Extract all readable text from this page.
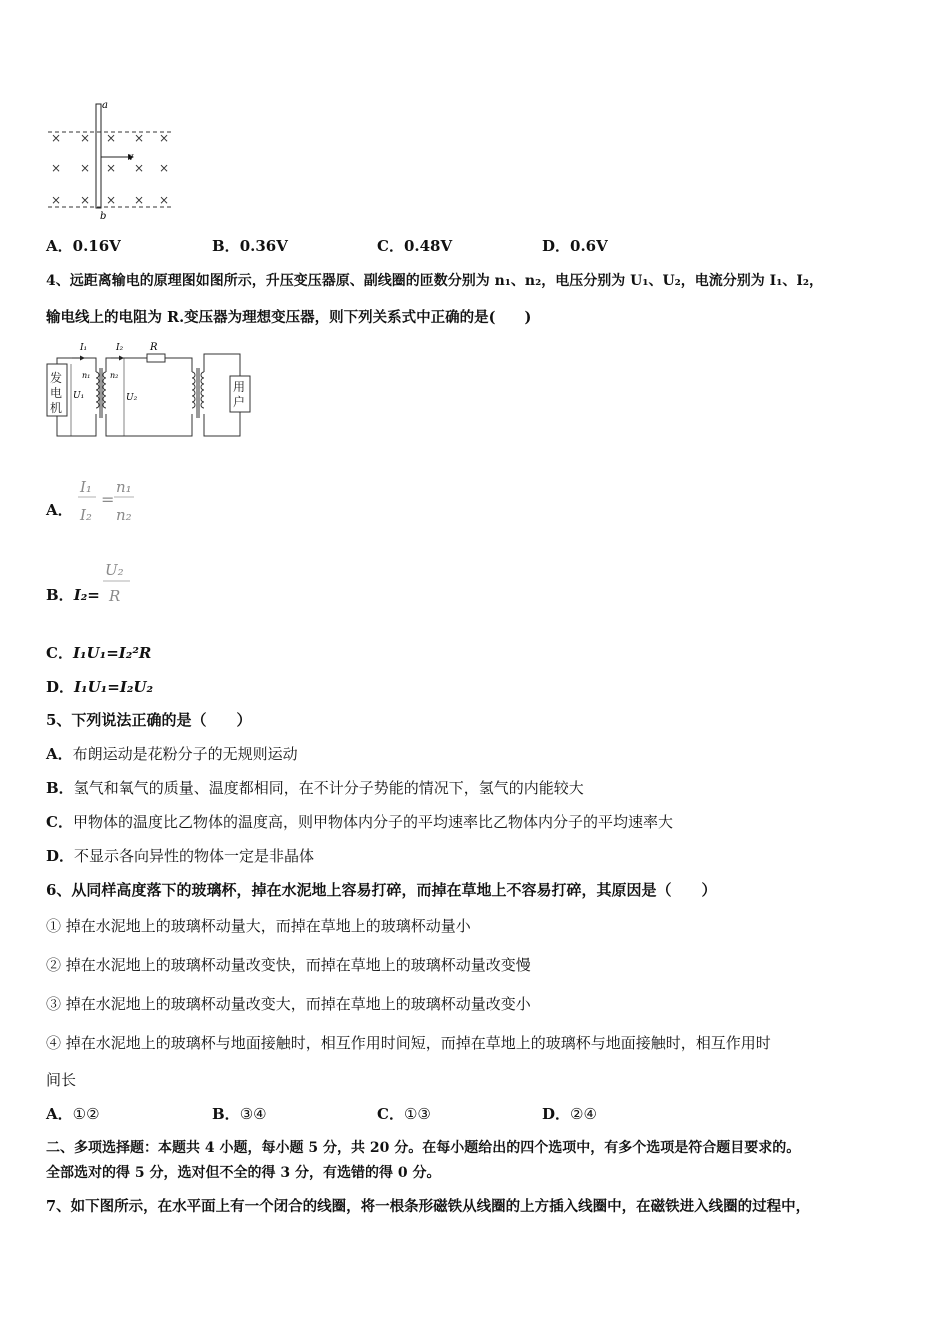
a
b
v
× × × × ×
× × × × ×
× × × × ×
A．0.16V	B．0.36V	C．0.48V	D．0.6V
4、远距离输电的原理图如图所示，升压变压器原、副线圈的匝数分别为 n₁、n₂，电压分别为 U₁、U₂，电流分别为 I₁、I₂，
输电线上的电阻为 R.变压器为理想变压器，则下列关系式中正确的是(　　)
发
电
机
I₁
n₁
U₁
I₂	R
n₂
U₂
用
户
A．
I₁
I₂
=
n₁
n₂
B．I₂=
U₂
R
C．I₁U₁=I₂²R
D．I₁U₁=I₂U₂
5、下列说法正确的是（　　）
A．布朗运动是花粉分子的无规则运动
B．氢气和氧气的质量、温度都相同，在不计分子势能的情况下，氢气的内能较大
C．甲物体的温度比乙物体的温度高，则甲物体内分子的平均速率比乙物体内分子的平均速率大
D．不显示各向异性的物体一定是非晶体
6、从同样高度落下的玻璃杯，掉在水泥地上容易打碎，而掉在草地上不容易打碎，其原因是（　　）
① 掉在水泥地上的玻璃杯动量大，而掉在草地上的玻璃杯动量小
② 掉在水泥地上的玻璃杯动量改变快，而掉在草地上的玻璃杯动量改变慢
③ 掉在水泥地上的玻璃杯动量改变大，而掉在草地上的玻璃杯动量改变小
④ 掉在水泥地上的玻璃杯与地面接触时，相互作用时间短，而掉在草地上的玻璃杯与地面接触时，相互作用时
间长
A．①②	B．③④	C．①③	D．②④
二、多项选择题：本题共 4 小题，每小题 5 分，共 20 分。在每小题给出的四个选项中，有多个选项是符合题目要求的。
全部选对的得 5 分，选对但不全的得 3 分，有选错的得 0 分。
7、如下图所示，在水平面上有一个闭合的线圈，将一根条形磁铁从线圈的上方插入线圈中，在磁铁进入线圈的过程中，
